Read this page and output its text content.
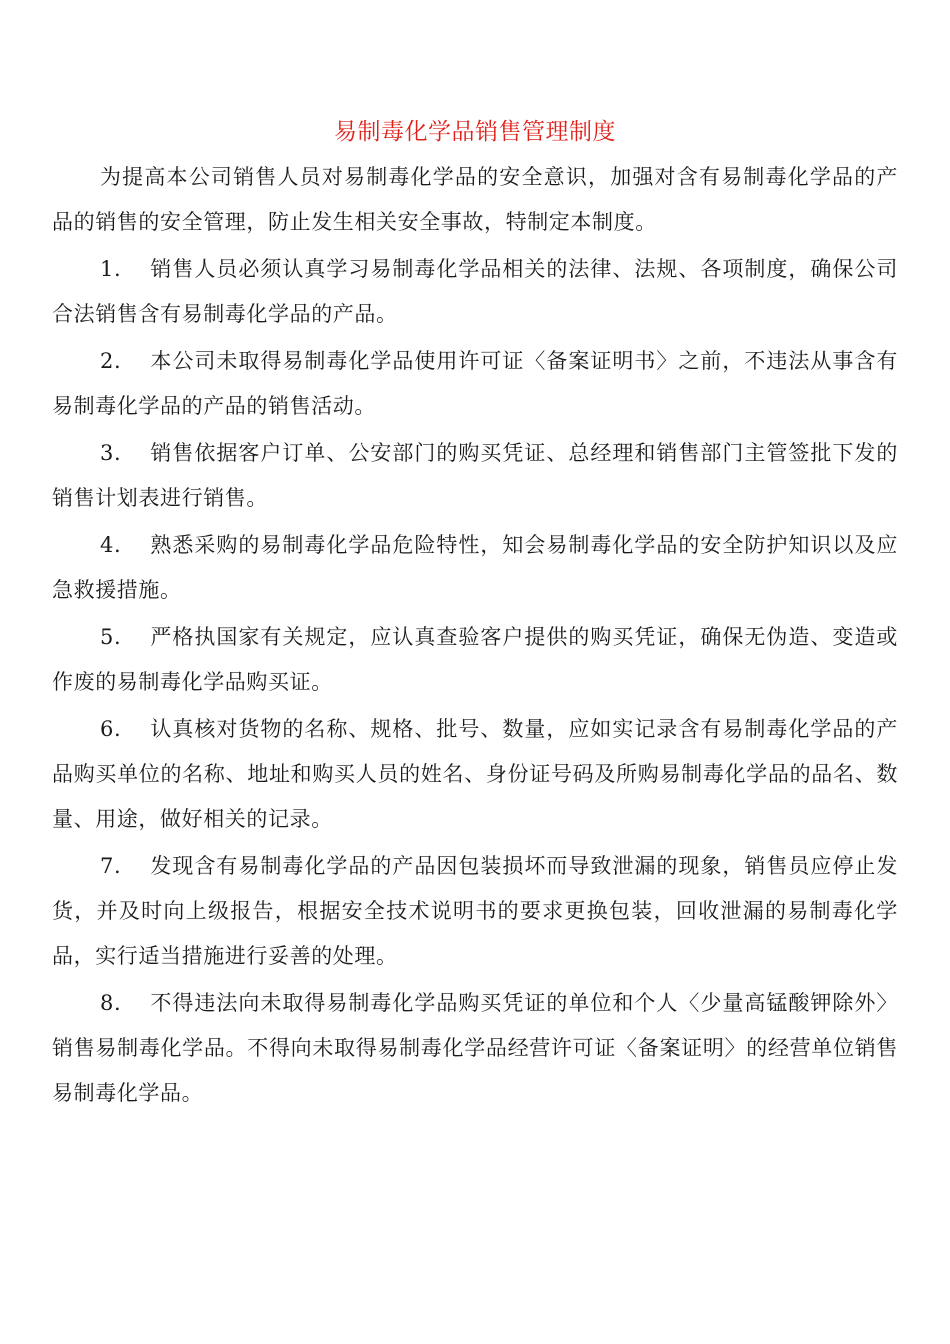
易制毒化学品销售管理制度

为提高本公司销售人员对易制毒化学品的安全意识，加强对含有易制毒化学品的产品的销售的安全管理，防止发生相关安全事故，特制定本制度。

1. 销售人员必须认真学习易制毒化学品相关的法律、法规、各项制度，确保公司合法销售含有易制毒化学品的产品。

2. 本公司未取得易制毒化学品使用许可证〈备案证明书〉之前，不违法从事含有易制毒化学品的产品的销售活动。

3. 销售依据客户订单、公安部门的购买凭证、总经理和销售部门主管签批下发的销售计划表进行销售。

4. 熟悉采购的易制毒化学品危险特性，知会易制毒化学品的安全防护知识以及应急救援措施。

5. 严格执国家有关规定，应认真查验客户提供的购买凭证，确保无伪造、变造或作废的易制毒化学品购买证。

6. 认真核对货物的名称、规格、批号、数量，应如实记录含有易制毒化学品的产品购买单位的名称、地址和购买人员的姓名、身份证号码及所购易制毒化学品的品名、数量、用途，做好相关的记录。

7. 发现含有易制毒化学品的产品因包装损坏而导致泄漏的现象，销售员应停止发货，并及时向上级报告，根据安全技术说明书的要求更换包装，回收泄漏的易制毒化学品，实行适当措施进行妥善的处理。

8. 不得违法向未取得易制毒化学品购买凭证的单位和个人〈少量高锰酸钾除外〉销售易制毒化学品。不得向未取得易制毒化学品经营许可证〈备案证明〉的经营单位销售易制毒化学品。
